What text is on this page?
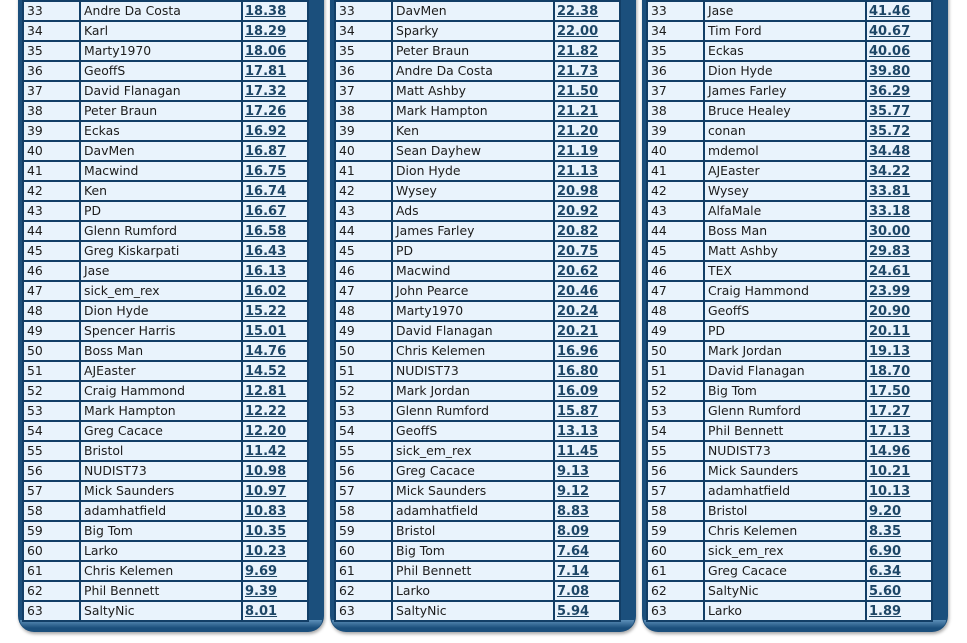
33	Andre Da Costa	18.38
34	Karl	18.29
35	Marty1970	18.06
36	GeoffS	17.81
37	David Flanagan	17.32
38	Peter Braun	17.26
39	Eckas	16.92
40	DavMen	16.87
41	Macwind	16.75
42	Ken	16.74
43	PD	16.67
44	Glenn Rumford	16.58
45	Greg Kiskarpati	16.43
46	Jase	16.13
47	sick_em_rex	16.02
48	Dion Hyde	15.22
49	Spencer Harris	15.01
50	Boss Man	14.76
51	AJEaster	14.52
52	Craig Hammond	12.81
53	Mark Hampton	12.22
54	Greg Cacace	12.20
55	Bristol	11.42
56	NUDIST73	10.98
57	Mick Saunders	10.97
58	adamhatfield	10.83
59	Big Tom	10.35
60	Larko	10.23
61	Chris Kelemen	9.69
62	Phil Bennett	9.39
63	SaltyNic	8.01
33	DavMen	22.38
34	Sparky	22.00
35	Peter Braun	21.82
36	Andre Da Costa	21.73
37	Matt Ashby	21.50
38	Mark Hampton	21.21
39	Ken	21.20
40	Sean Dayhew	21.19
41	Dion Hyde	21.13
42	Wysey	20.98
43	Ads	20.92
44	James Farley	20.82
45	PD	20.75
46	Macwind	20.62
47	John Pearce	20.46
48	Marty1970	20.24
49	David Flanagan	20.21
50	Chris Kelemen	16.96
51	NUDIST73	16.80
52	Mark Jordan	16.09
53	Glenn Rumford	15.87
54	GeoffS	13.13
55	sick_em_rex	11.45
56	Greg Cacace	9.13
57	Mick Saunders	9.12
58	adamhatfield	8.83
59	Bristol	8.09
60	Big Tom	7.64
61	Phil Bennett	7.14
62	Larko	7.08
63	SaltyNic	5.94
33	Jase	41.46
34	Tim Ford	40.67
35	Eckas	40.06
36	Dion Hyde	39.80
37	James Farley	36.29
38	Bruce Healey	35.77
39	conan	35.72
40	mdemol	34.48
41	AJEaster	34.22
42	Wysey	33.81
43	AlfaMale	33.18
44	Boss Man	30.00
45	Matt Ashby	29.83
46	TEX	24.61
47	Craig Hammond	23.99
48	GeoffS	20.90
49	PD	20.11
50	Mark Jordan	19.13
51	David Flanagan	18.70
52	Big Tom	17.50
53	Glenn Rumford	17.27
54	Phil Bennett	17.13
55	NUDIST73	14.96
56	Mick Saunders	10.21
57	adamhatfield	10.13
58	Bristol	9.20
59	Chris Kelemen	8.35
60	sick_em_rex	6.90
61	Greg Cacace	6.34
62	SaltyNic	5.60
63	Larko	1.89
